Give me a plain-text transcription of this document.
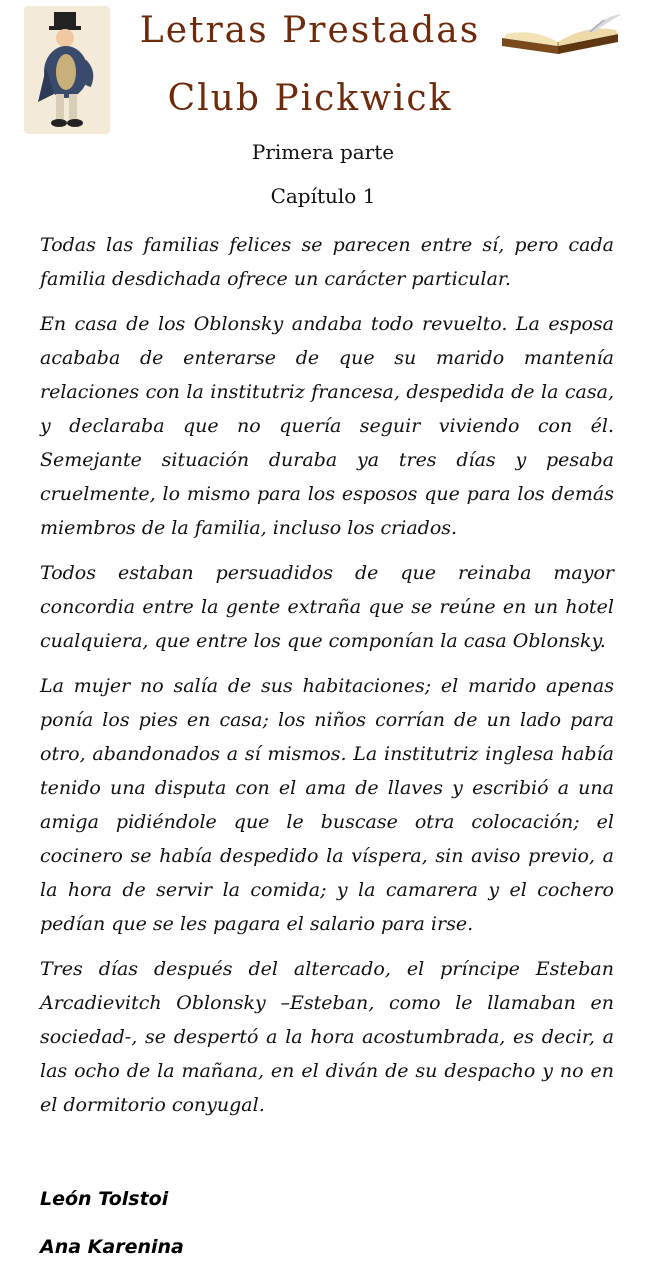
Letras Prestadas
Club Pickwick
Primera parte
Capítulo 1

Todas las familias felices se parecen entre sí, pero cada familia desdichada ofrece un carácter particular.

En casa de los Oblonsky andaba todo revuelto. La esposa acababa de enterarse de que su marido mantenía relaciones con la institutriz francesa, despedida de la casa, y declaraba que no quería seguir viviendo con él. Semejante situación duraba ya tres días y pesaba cruelmente, lo mismo para los esposos que para los demás miembros de la familia, incluso los criados.

Todos estaban persuadidos de que reinaba mayor concordia entre la gente extraña que se reúne en un hotel cualquiera, que entre los que componían la casa Oblonsky.

La mujer no salía de sus habitaciones; el marido apenas ponía los pies en casa; los niños corrían de un lado para otro, abandonados a sí mismos. La institutriz inglesa había tenido una disputa con el ama de llaves y escribió a una amiga pidiéndole que le buscase otra colocación; el cocinero se había despedido la víspera, sin aviso previo, a la hora de servir la comida; y la camarera y el cochero pedían que se les pagara el salario para irse.

Tres días después del altercado, el príncipe Esteban Arcadievitch Oblonsky –Esteban, como le llamaban en sociedad-, se despertó a la hora acostumbrada, es decir, a las ocho de la mañana, en el diván de su despacho y no en el dormitorio conyugal.

León Tolstoi
Ana Karenina
